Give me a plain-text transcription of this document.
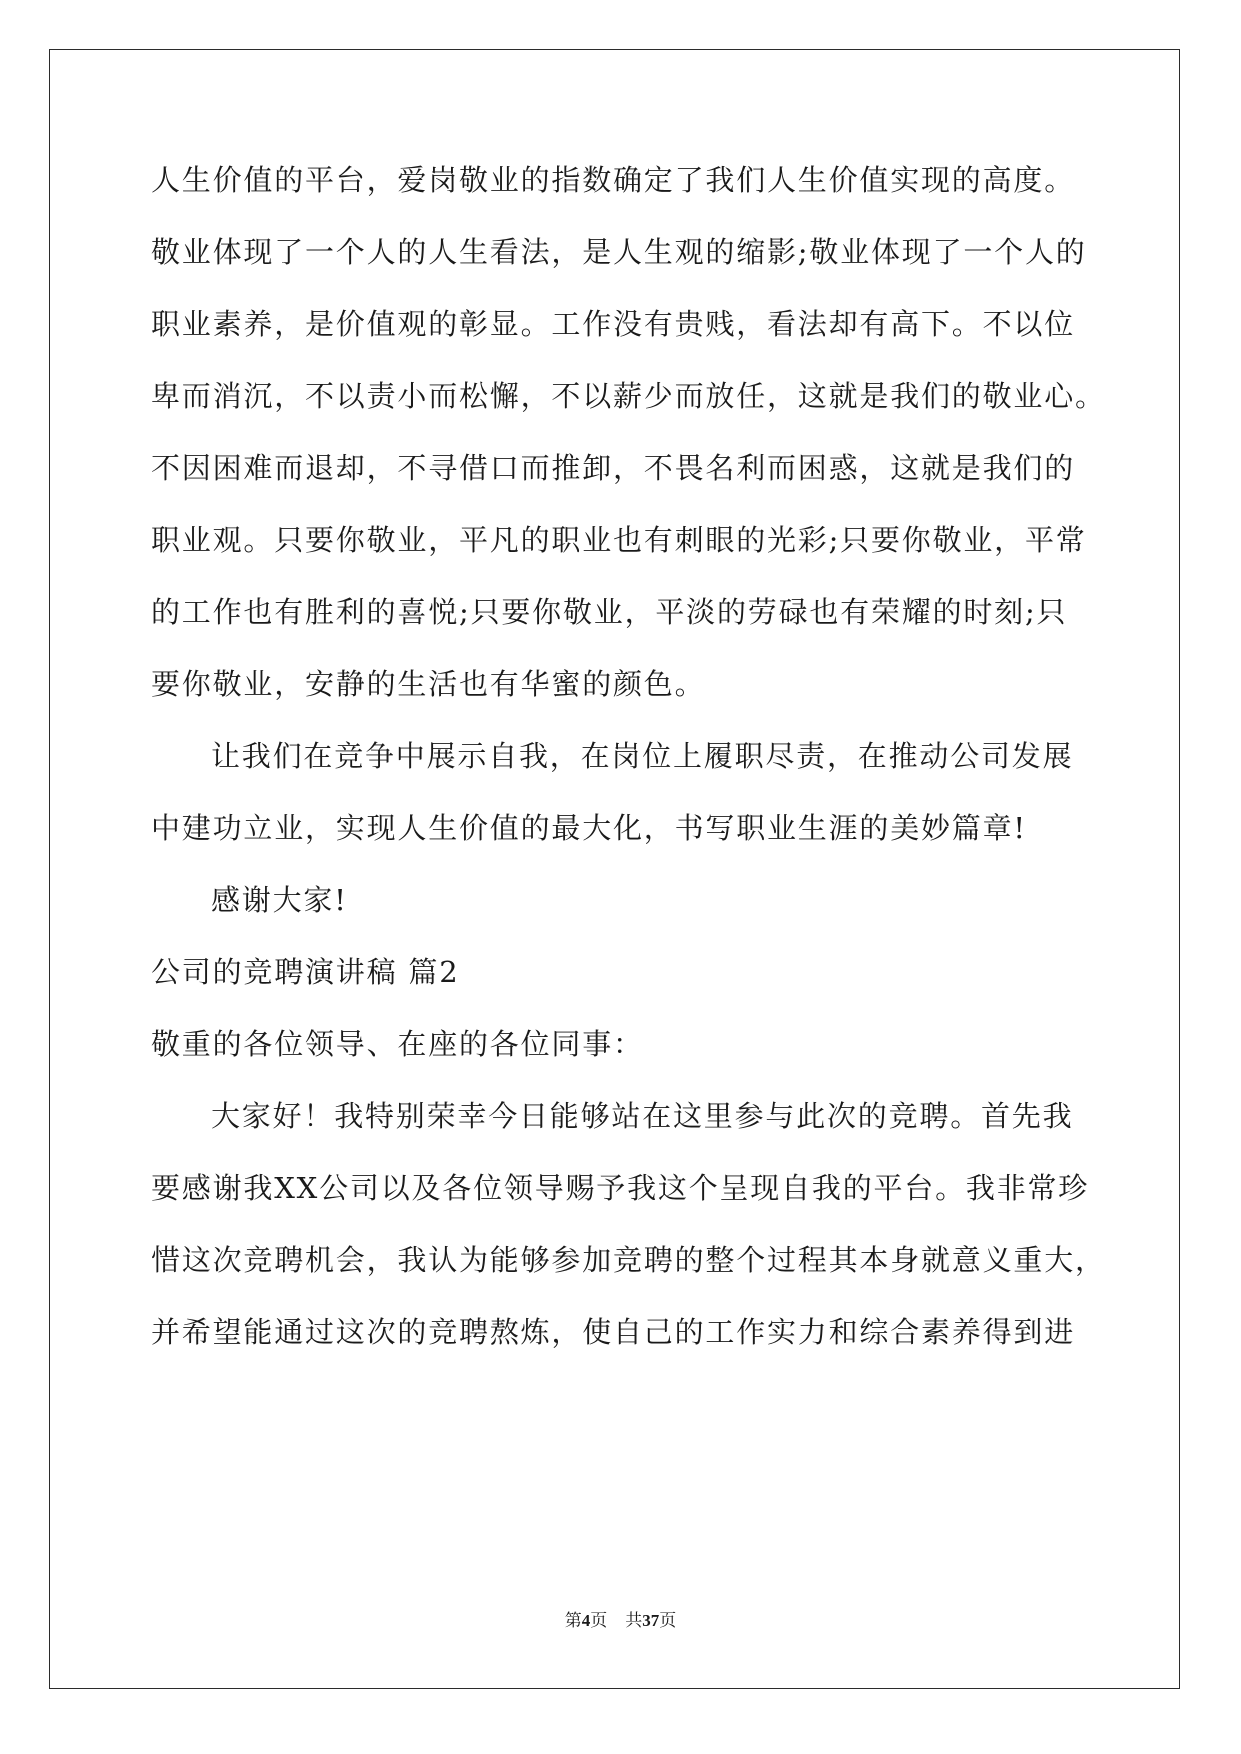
人生价值的平台，爱岗敬业的指数确定了我们人生价值实现的高度。
敬业体现了一个人的人生看法，是人生观的缩影;敬业体现了一个人的
职业素养，是价值观的彰显。工作没有贵贱，看法却有高下。不以位
卑而消沉，不以责小而松懈，不以薪少而放任，这就是我们的敬业心。
不因困难而退却，不寻借口而推卸，不畏名利而困惑，这就是我们的
职业观。只要你敬业，平凡的职业也有刺眼的光彩;只要你敬业，平常
的工作也有胜利的喜悦;只要你敬业，平淡的劳碌也有荣耀的时刻;只
要你敬业，安静的生活也有华蜜的颜色。
让我们在竞争中展示自我，在岗位上履职尽责，在推动公司发展
中建功立业，实现人生价值的最大化，书写职业生涯的美妙篇章!
感谢大家!
公司的竞聘演讲稿 篇2
敬重的各位领导、在座的各位同事：
大家好！我特别荣幸今日能够站在这里参与此次的竞聘。首先我
要感谢我XX公司以及各位领导赐予我这个呈现自我的平台。我非常珍
惜这次竞聘机会，我认为能够参加竞聘的整个过程其本身就意义重大，
并希望能通过这次的竞聘熬炼，使自己的工作实力和综合素养得到进
第4页 共37页
